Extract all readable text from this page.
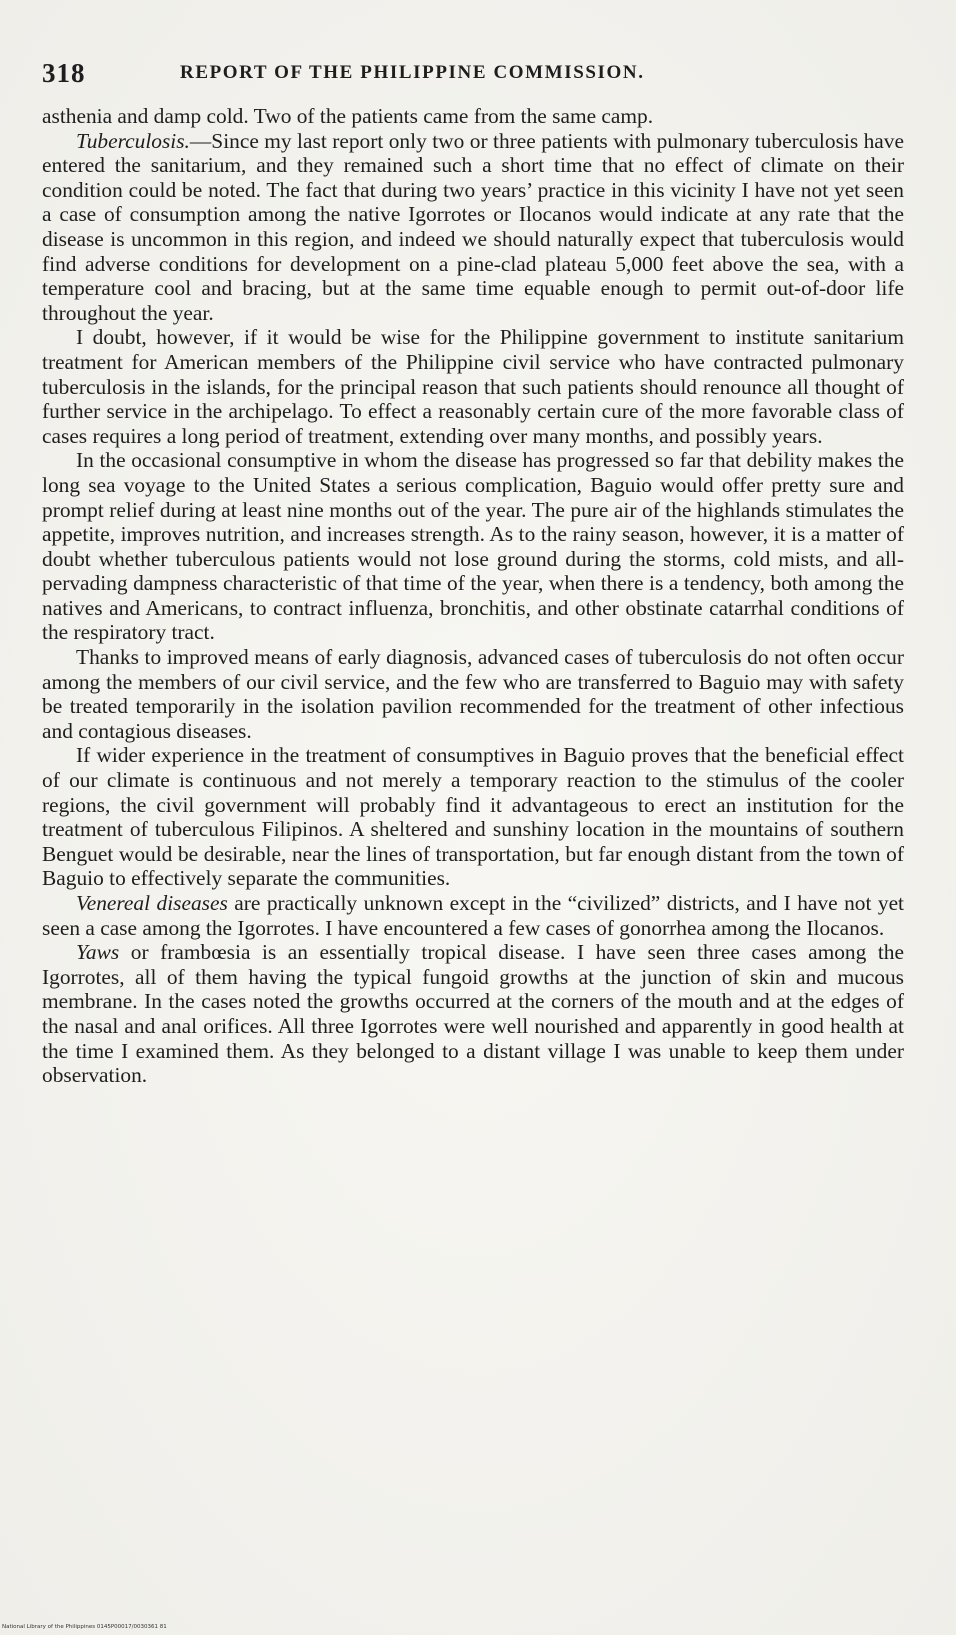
318	REPORT OF THE PHILIPPINE COMMISSION.

asthenia and damp cold. Two of the patients came from the same camp.

Tuberculosis.—Since my last report only two or three patients with pulmonary tuberculosis have entered the sanitarium, and they remained such a short time that no effect of climate on their condition could be noted. The fact that during two years’ practice in this vicinity I have not yet seen a case of consumption among the native Igorrotes or Ilocanos would indicate at any rate that the disease is uncommon in this region, and indeed we should naturally expect that tuberculosis would find adverse conditions for development on a pine-clad plateau 5,000 feet above the sea, with a temperature cool and bracing, but at the same time equable enough to permit out-of-door life throughout the year.

I doubt, however, if it would be wise for the Philippine government to institute sanitarium treatment for American members of the Philippine civil service who have contracted pulmonary tuberculosis in the islands, for the principal reason that such patients should renounce all thought of further service in the archipelago. To effect a reasonably certain cure of the more favorable class of cases requires a long period of treatment, extending over many months, and possibly years.

In the occasional consumptive in whom the disease has progressed so far that debility makes the long sea voyage to the United States a serious complication, Baguio would offer pretty sure and prompt relief during at least nine months out of the year. The pure air of the highlands stimulates the appetite, improves nutrition, and increases strength. As to the rainy season, however, it is a matter of doubt whether tuberculous patients would not lose ground during the storms, cold mists, and all-pervading dampness characteristic of that time of the year, when there is a tendency, both among the natives and Americans, to contract influenza, bronchitis, and other obstinate catarrhal conditions of the respiratory tract.

Thanks to improved means of early diagnosis, advanced cases of tuberculosis do not often occur among the members of our civil service, and the few who are transferred to Baguio may with safety be treated temporarily in the isolation pavilion recommended for the treatment of other infectious and contagious diseases.

If wider experience in the treatment of consumptives in Baguio proves that the beneficial effect of our climate is continuous and not merely a temporary reaction to the stimulus of the cooler regions, the civil government will probably find it advantageous to erect an institution for the treatment of tuberculous Filipinos. A sheltered and sunshiny location in the mountains of southern Benguet would be desirable, near the lines of transportation, but far enough distant from the town of Baguio to effectively separate the communities.

Venereal diseases are practically unknown except in the “civilized” districts, and I have not yet seen a case among the Igorrotes. I have encountered a few cases of gonorrhea among the Ilocanos.

Yaws or frambœsia is an essentially tropical disease. I have seen three cases among the Igorrotes, all of them having the typical fungoid growths at the junction of skin and mucous membrane. In the cases noted the growths occurred at the corners of the mouth and at the edges of the nasal and anal orifices. All three Igorrotes were well nourished and apparently in good health at the time I examined them. As they belonged to a distant village I was unable to keep them under observation.

National Library of the Philippines 0145P00017/0030361 81
